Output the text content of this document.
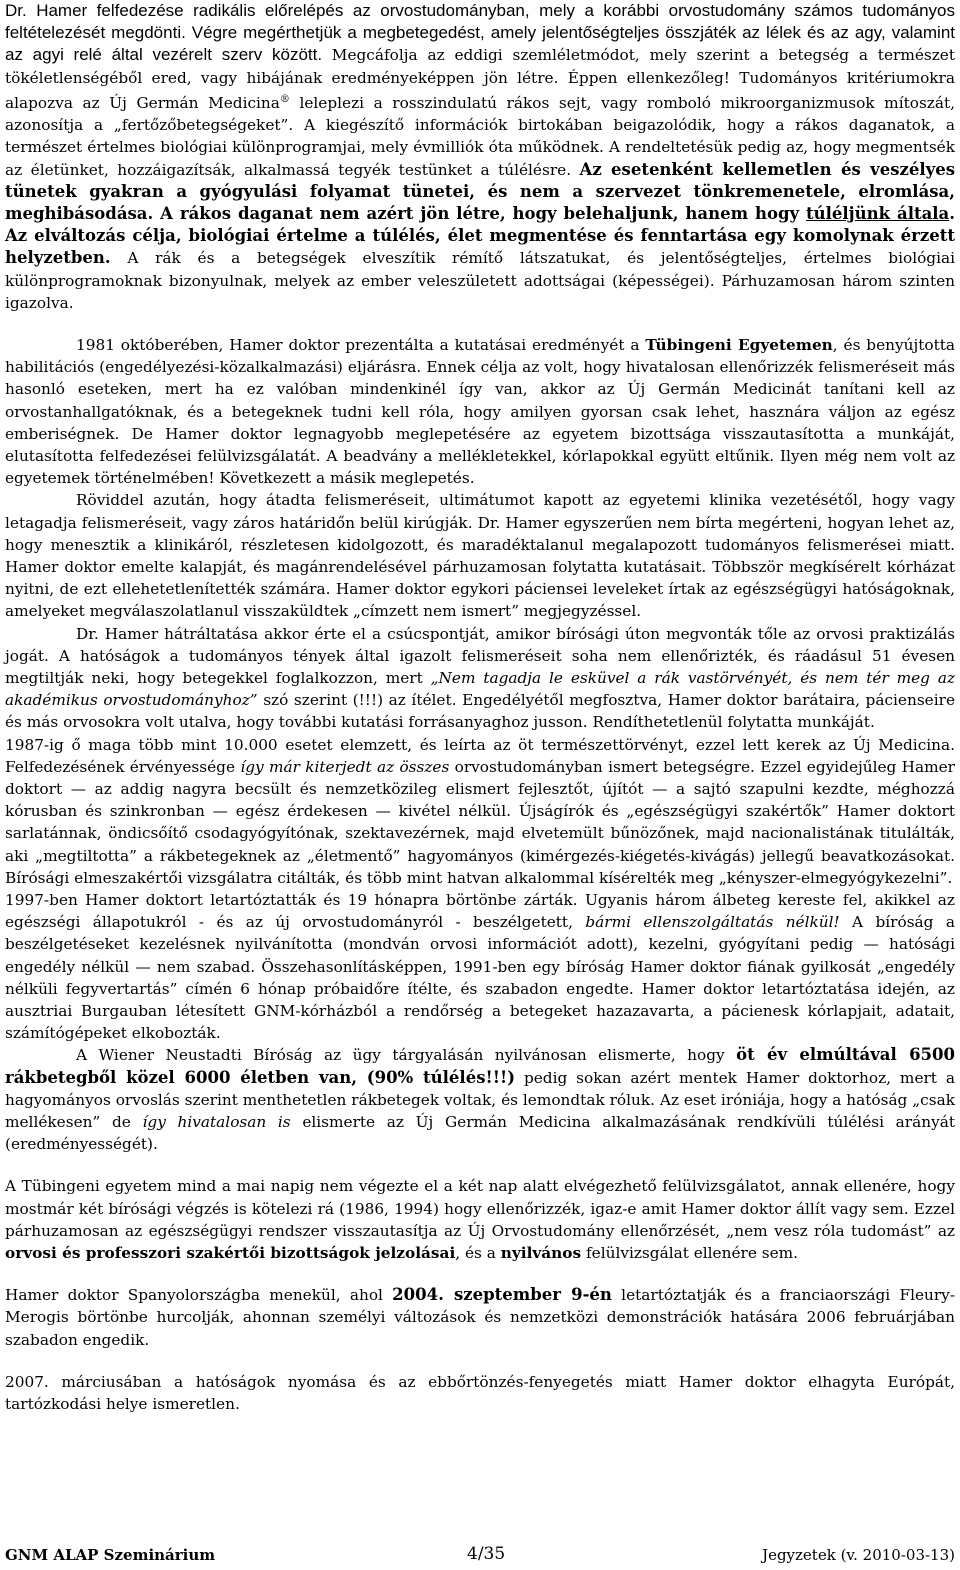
Dr. Hamer felfedezése radikális előrelépés az orvostudományban, mely a korábbi orvostudomány számos tudományos feltételezését megdönti. Végre megérthetjük a megbetegedést, amely jelentőségteljes összjáték az lélek és az agy, valamint az agyi relé által vezérelt szerv között. Megcáfolja az eddigi szemléletmódot, mely szerint a betegség a természet tökéletlenségéből ered, vagy hibájának eredményeképpen jön létre. Éppen ellenkezőleg! Tudományos kritériumokra alapozva az Új Germán Medicina® leleplezi a rosszindulatú rákos sejt, vagy romboló mikroorganizmusok mítoszát, azonosítja a „fertőzőbetegségeket”. A kiegészítő információk birtokában beigazolódik, hogy a rákos daganatok, a természet értelmes biológiai különprogramjai, mely évmilliók óta működnek. A rendeltetésük pedig az, hogy megmentsék az életünket, hozzáigazítsák, alkalmassá tegyék testünket a túlélésre. Az esetenként kellemetlen és veszélyes tünetek gyakran a gyógyulási folyamat tünetei, és nem a szervezet tönkremenetele, elromlása, meghibásodása. A rákos daganat nem azért jön létre, hogy belehaljunk, hanem hogy túléljünk általa. Az elváltozás célja, biológiai értelme a túlélés, élet megmentése és fenntartása egy komolynak érzett helyzetben. A rák és a betegségek elveszítik rémítő látszatukat, és jelentőségteljes, értelmes biológiai különprogramoknak bizonyulnak, melyek az ember veleszületett adottságai (képességei). Párhuzamosan három szinten igazolva.

1981 októberében, Hamer doktor prezentálta a kutatásai eredményét a Tübingeni Egyetemen, és benyújtotta habilitációs (engedélyezési-közalkalmazási) eljárásra. Ennek célja az volt, hogy hivatalosan ellenőrizzék felismeréseit más hasonló eseteken, mert ha ez valóban mindenkinél így van, akkor az Új Germán Medicinát tanítani kell az orvostanhallgatóknak, és a betegeknek tudni kell róla, hogy amilyen gyorsan csak lehet, hasznára váljon az egész emberiségnek. De Hamer doktor legnagyobb meglepetésére az egyetem bizottsága visszautasította a munkáját, elutasította felfedezései felülvizsgálatát. A beadvány a mellékletekkel, kórlapokkal együtt eltűnik. Ilyen még nem volt az egyetemek történelmében! Következett a másik meglepetés.

Röviddel azután, hogy átadta felismeréseit, ultimátumot kapott az egyetemi klinika vezetésétől, hogy vagy letagadja felismeréseit, vagy záros határidőn belül kirúgják. Dr. Hamer egyszerűen nem bírta megérteni, hogyan lehet az, hogy menesztik a klinikáról, részletesen kidolgozott, és maradéktalanul megalapozott tudományos felismerései miatt. Hamer doktor emelte kalapját, és magánrendelésével párhuzamosan folytatta kutatásait. Többször megkísérelt kórházat nyitni, de ezt ellehetetlenítették számára. Hamer doktor egykori páciensei leveleket írtak az egészségügyi hatóságoknak, amelyeket megválaszolatlanul visszaküldtek „címzett nem ismert” megjegyzéssel.

Dr. Hamer hátráltatása akkor érte el a csúcspontját, amikor bírósági úton megvonták tőle az orvosi praktizálás jogát. A hatóságok a tudományos tények által igazolt felismeréseit soha nem ellenőrizték, és ráadásul 51 évesen megtiltják neki, hogy betegekkel foglalkozzon, mert „Nem tagadja le esküvel a rák vastörvényét, és nem tér meg az akadémikus orvostudományhoz” szó szerint (!!!) az ítélet. Engedélyétől megfosztva, Hamer doktor barátaira, pácienseire és más orvosokra volt utalva, hogy további kutatási forrásanyaghoz jusson. Rendíthetetlenül folytatta munkáját.

1987-ig ő maga több mint 10.000 esetet elemzett, és leírta az öt természettörvényt, ezzel lett kerek az Új Medicina. Felfedezésének érvényessége így már kiterjedt az összes orvostudományban ismert betegségre. Ezzel egyidejűleg Hamer doktort — az addig nagyra becsült és nemzetközileg elismert fejlesztőt, újítót — a sajtó szapulni kezdte, méghozzá kórusban és szinkronban — egész érdekesen — kivétel nélkül. Újságírók és „egészségügyi szakértők” Hamer doktort sarlatánnak, öndicsőítő csodagyógyítónak, szektavezérnek, majd elvetemült bűnözőnek, majd nacionalistának titulálták, aki „megtiltotta” a rákbetegeknek az „életmentő” hagyományos (kimérgezés-kiégetés-kivágás) jellegű beavatkozásokat. Bírósági elmeszakértői vizsgálatra citálták, és több mint hatvan alkalommal kísérelték meg „kényszer-elmegyógykezelni”.

1997-ben Hamer doktort letartóztatták és 19 hónapra börtönbe zárták. Ugyanis három álbeteg kereste fel, akikkel az egészségi állapotukról - és az új orvostudományról - beszélgetett, bármi ellenszolgáltatás nélkül! A bíróság a beszélgetéseket kezelésnek nyilvánította (mondván orvosi információt adott), kezelni, gyógyítani pedig — hatósági engedély nélkül — nem szabad. Összehasonlításképpen, 1991-ben egy bíróság Hamer doktor fiának gyilkosát „engedély nélküli fegyvertartás” címén 6 hónap próbaidőre ítélte, és szabadon engedte. Hamer doktor letartóztatása idején, az ausztriai Burgauban létesített GNM-kórházból a rendőrség a betegeket hazazavarta, a pácienesk kórlapjait, adatait, számítógépeket elkobozták.

A Wiener Neustadti Bíróság az ügy tárgyalásán nyilvánosan elismerte, hogy öt év elmúltával 6500 rákbetegből közel 6000 életben van, (90% túlélés!!!) pedig sokan azért mentek Hamer doktorhoz, mert a hagyományos orvoslás szerint menthetetlen rákbetegek voltak, és lemondtak róluk. Az eset iróniája, hogy a hatóság „csak mellékesen” de így hivatalosan is elismerte az Új Germán Medicina alkalmazásának rendkívüli túlélési arányát (eredményességét).

A Tübingeni egyetem mind a mai napig nem végezte el a két nap alatt elvégezhető felülvizsgálatot, annak ellenére, hogy mostmár két bírósági végzés is kötelezi rá (1986, 1994) hogy ellenőrizzék, igaz-e amit Hamer doktor állít vagy sem. Ezzel párhuzamosan az egészségügyi rendszer visszautasítja az Új Orvostudomány ellenőrzését, „nem vesz róla tudomást” az orvosi és professzori szakértői bizottságok jelzolásai, és a nyilvános felülvizsgálat ellenére sem.

Hamer doktor Spanyolországba menekül, ahol 2004. szeptember 9-én letartóztatják és a franciaországi Fleury-Merogis börtönbe hurcolják, ahonnan személyi változások és nemzetközi demonstrációk hatására 2006 februárjában szabadon engedik.

2007. márciusában a hatóságok nyomása és az ebbőrtönzés-fenyegetés miatt Hamer doktor elhagyta Európát, tartózkodási helye ismeretlen.

GNM ALAP Szeminárium	4/35	Jegyzetek (v. 2010-03-13)
